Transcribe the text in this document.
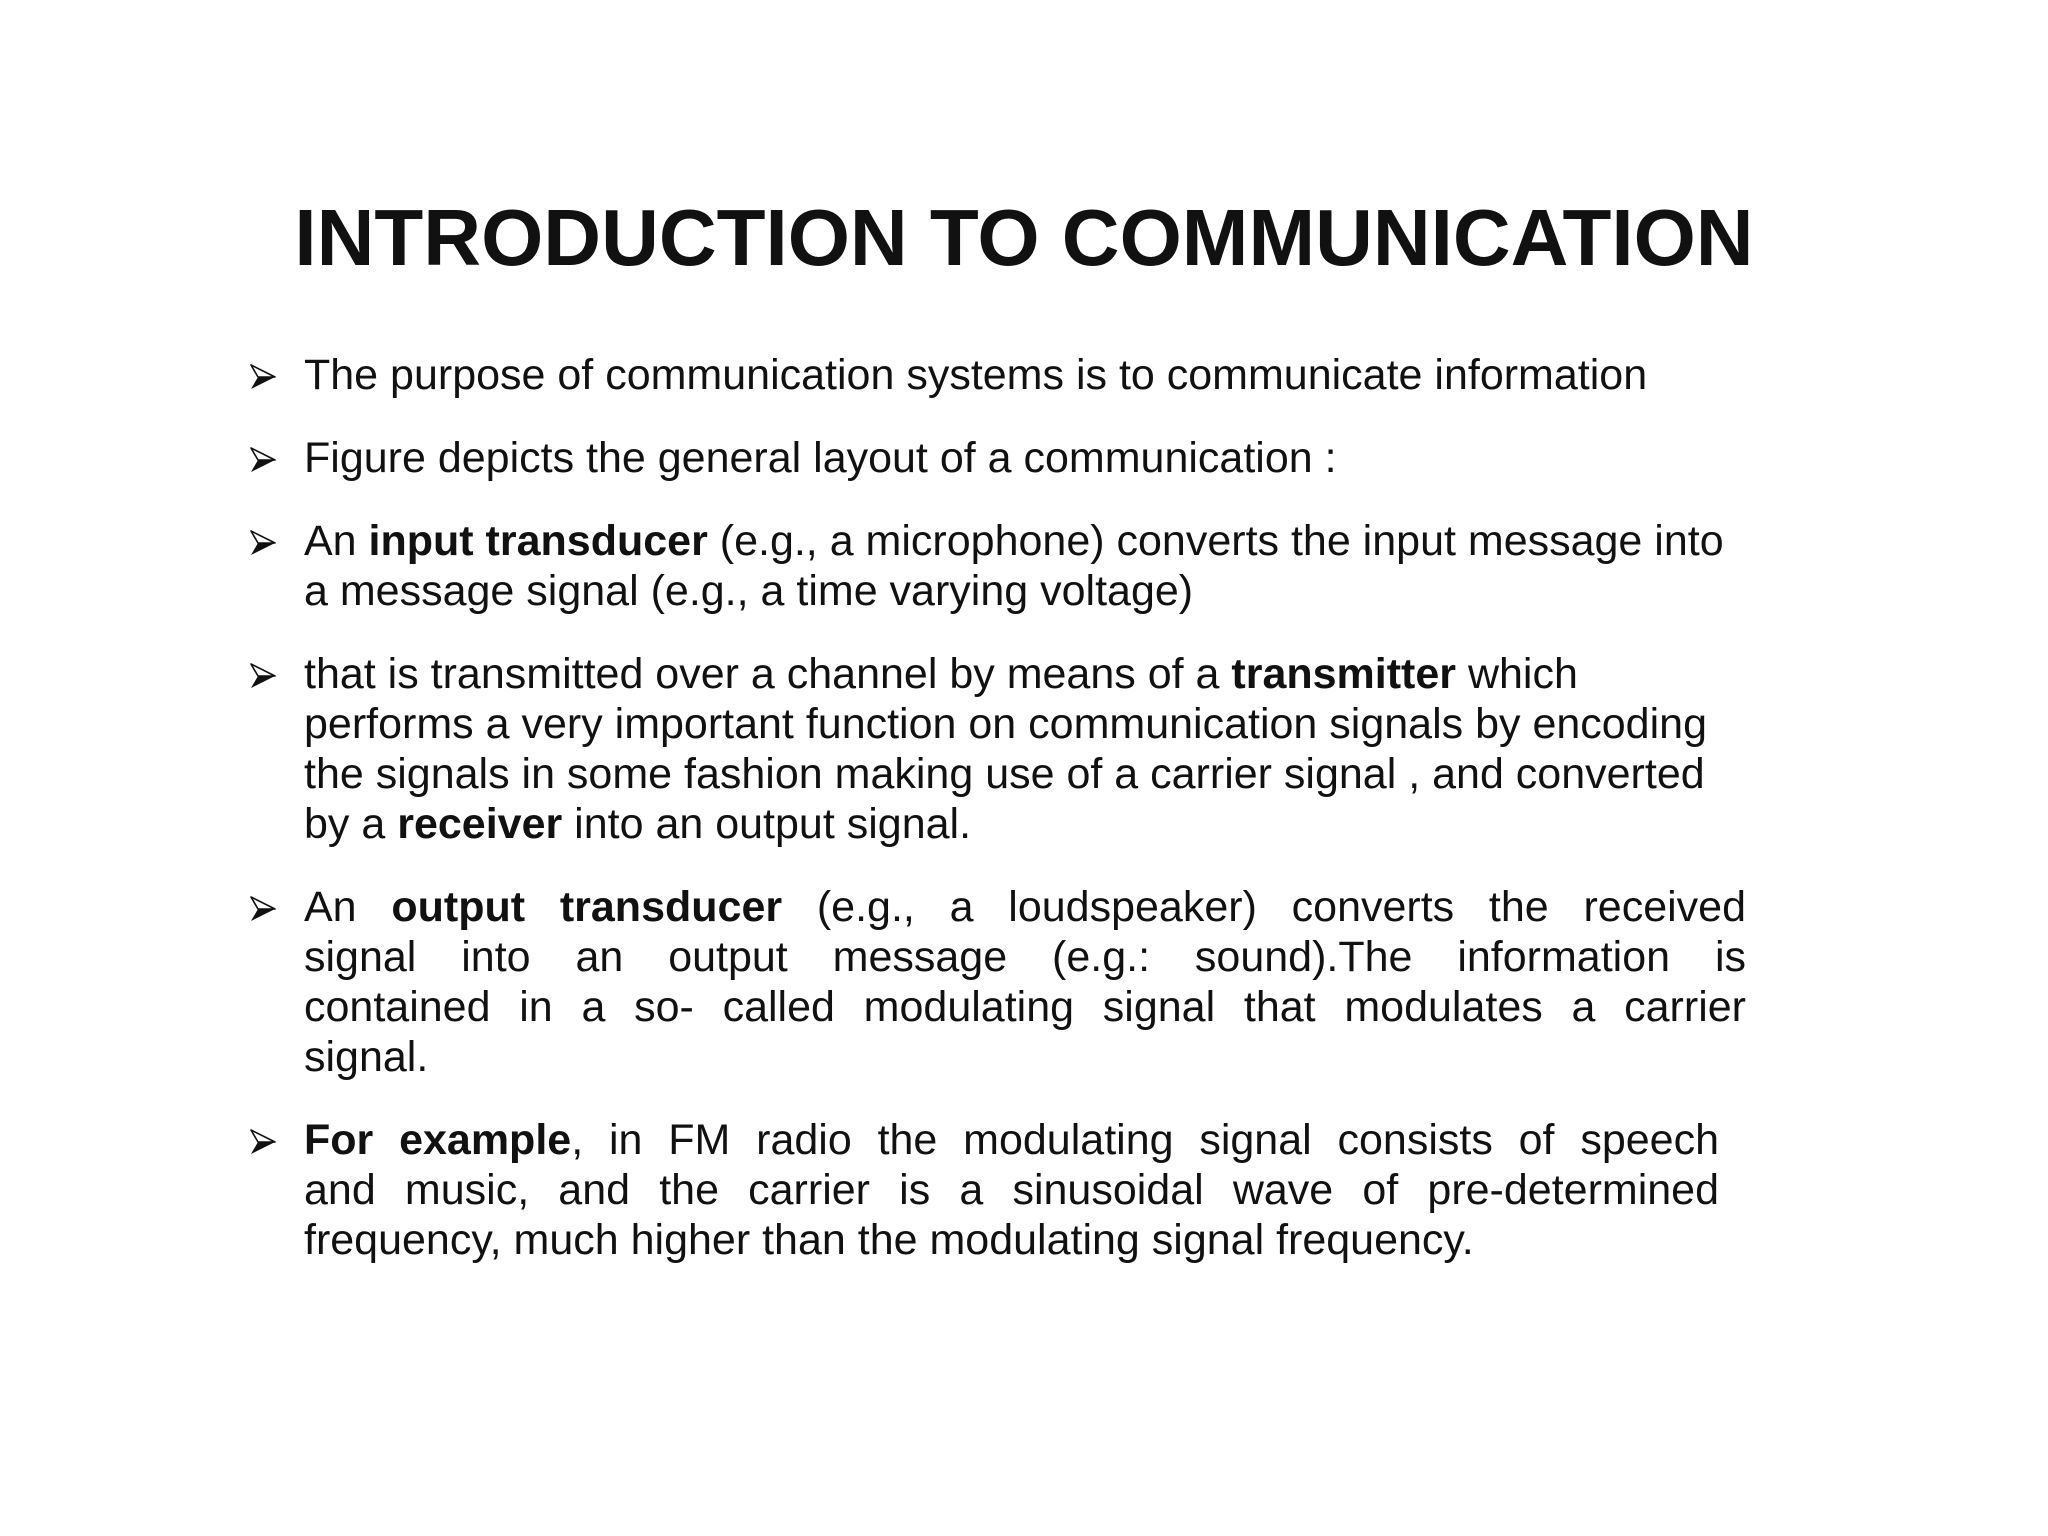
INTRODUCTION TO COMMUNICATION
The purpose of communication systems is to communicate information
Figure depicts the general layout of a communication :
An input transducer (e.g., a microphone) converts the input message into
a message signal (e.g., a time varying voltage)
that is transmitted over a channel by means of a transmitter which
performs a very important function on communication signals by encoding
the signals in some fashion making use of a carrier signal , and converted
by a receiver into an output signal.
An output transducer (e.g., a loudspeaker) converts the received
signal into an output message (e.g.: sound).The information is
contained in a so- called modulating signal that modulates a carrier
signal.
For example, in FM radio the modulating signal consists of speech
and music, and the carrier is a sinusoidal wave of pre-determined
frequency, much higher than the modulating signal frequency.
